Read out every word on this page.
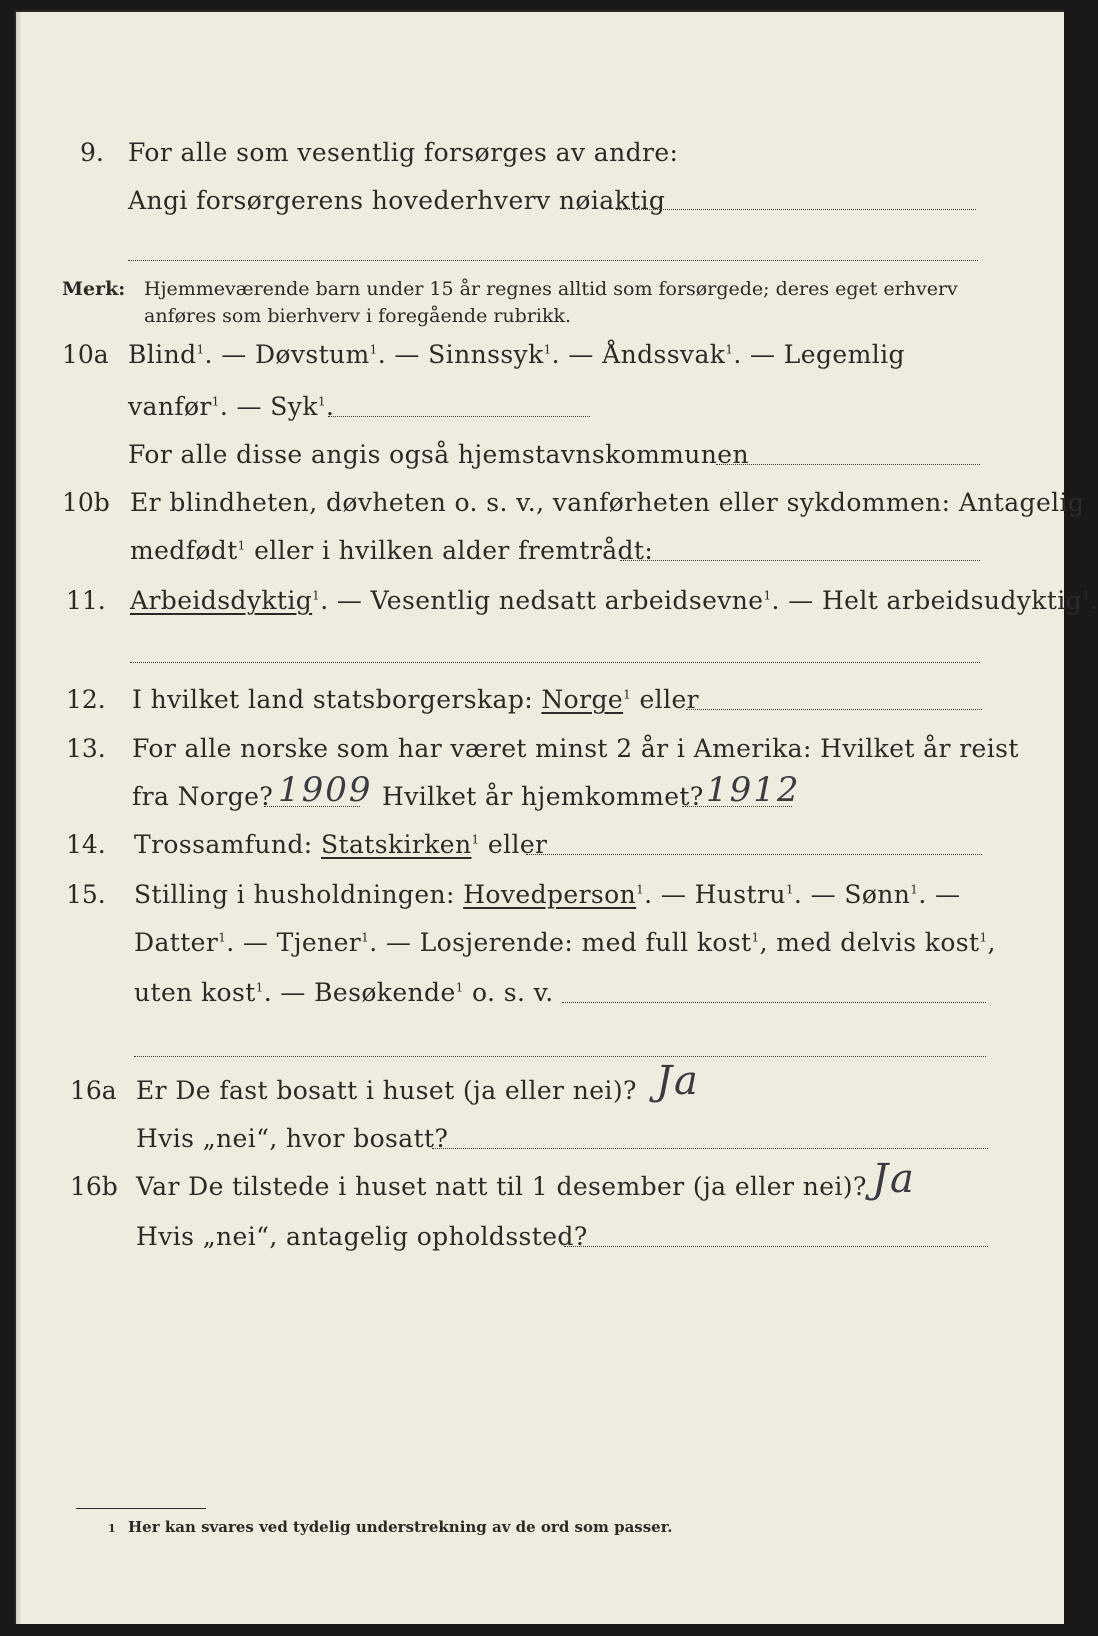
9. For alle som vesentlig forsørges av andre:
Angi forsørgerens hovederhverv nøiaktig
Merk: Hjemmeværende barn under 15 år regnes alltid som forsørgede; deres eget erhverv
anføres som bierhverv i foregående rubrikk.
10a Blind$^1$. — Døvstum$^1$. — Sinnssyk$^1$. — Åndssvak$^1$. — Legemlig
vanfør$^1$. — Syk$^1$.
For alle disse angis også hjemstavnskommunen
10b Er blindheten, døvheten o. s. v., vanførheten eller sykdommen: Antagelig
medfødt$^1$ eller i hvilken alder fremtrådt:
11. Arbeidsdyktig$^1$. — Vesentlig nedsatt arbeidsevne$^1$. — Helt arbeidsudyktig$^1$.
12. I hvilket land statsborgerskap: Norge$^1$ eller
13. For alle norske som har været minst 2 år i Amerika: Hvilket år reist
fra Norge? 1909 Hvilket år hjemkommet? 1912
14. Trossamfund: Statskirken$^1$ eller
15. Stilling i husholdningen: Hovedperson$^1$. — Hustru$^1$. — Sønn$^1$. —
Datter$^1$. — Tjener$^1$. — Losjerende: med full kost$^1$, med delvis kost$^1$,
uten kost$^1$. — Besøkende$^1$ o. s. v.
16a Er De fast bosatt i huset (ja eller nei)? Ja
Hvis „nei“, hvor bosatt?
16b Var De tilstede i huset natt til 1 desember (ja eller nei)? Ja
Hvis „nei“, antagelig opholdssted?
1 Her kan svares ved tydelig understrekning av de ord som passer.
